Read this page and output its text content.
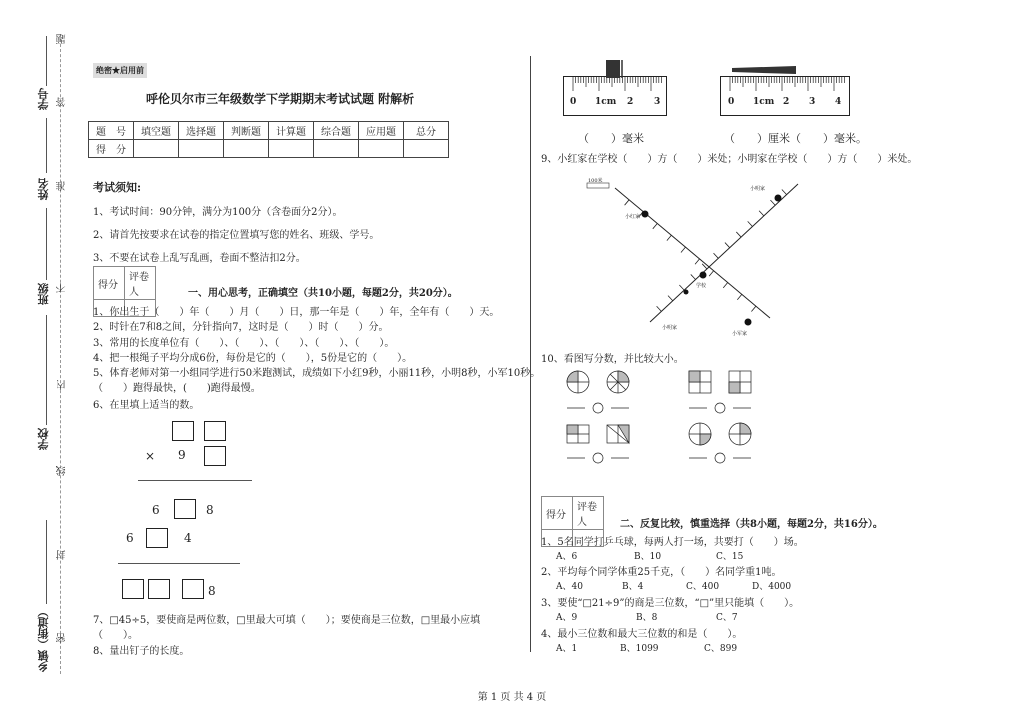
题
答
准
不
内
线
封
密
学号
姓名
班级
学校
乡镇（街道）
绝密★启用前
呼伦贝尔市三年级数学下学期期末考试试题 附解析
题　号	填空题	选择题	判断题	计算题	综合题	应用题	总分
得　分							
考试须知:
1、考试时间：90分钟，满分为100分（含卷面分2分）。
2、请首先按要求在试卷的指定位置填写您的姓名、班级、学号。
3、不要在试卷上乱写乱画，卷面不整洁扣2分。
得分	评卷人
		一、用心思考，正确填空（共10小题，每题2分，共20分）。
1、你出生于（　　）年（　　）月（　　）日，那一年是（　　）年，全年有（　　）天。
2、时针在7和8之间，分针指向7，这时是（　　）时（　　）分。
3、常用的长度单位有（　　）、（　　）、（　　）、（　　）、（　　）。
4、把一根绳子平均分成6份，每份是它的（　　），5份是它的（　　）。
5、体育老师对第一小组同学进行50米跑测试，成绩如下小红9秒，小丽11秒，小明8秒，小军10秒。
（　　）跑得最快，(　　)跑得最慢。
6、在里填上适当的数。
× 9
6	8
6	4
8
7、□45÷5，要使商是两位数，□里最大可填（　　）；要使商是三位数，□里最小应填
（　　）。
8、量出钉子的长度。
0 1cm 2 3	0 1cm 2 3 4
（　　）毫米	（　　）厘米（　　）毫米。
9、小红家在学校（　　）方（　　）米处；小明家在学校（　　）方（　　）米处。
100米
小明家
小红家
学校
小明家
小军家
10、看图写分数，并比较大小。
得分	评卷人
		二、反复比较，慎重选择（共8小题，每题2分，共16分）。
1、5名同学打乒乓球，每两人打一场，共要打（　　）场。
A、6	B、10	C、15
2、平均每个同学体重25千克，（　　）名同学重1吨。
A、40	B、4	C、400	D、4000
3、要使“□21÷9”的商是三位数，“□”里只能填（　　）。
A、9	B、8	C、7
4、最小三位数和最大三位数的和是（　　）。
A、1	B、1099	C、899
第 1 页 共 4 页
